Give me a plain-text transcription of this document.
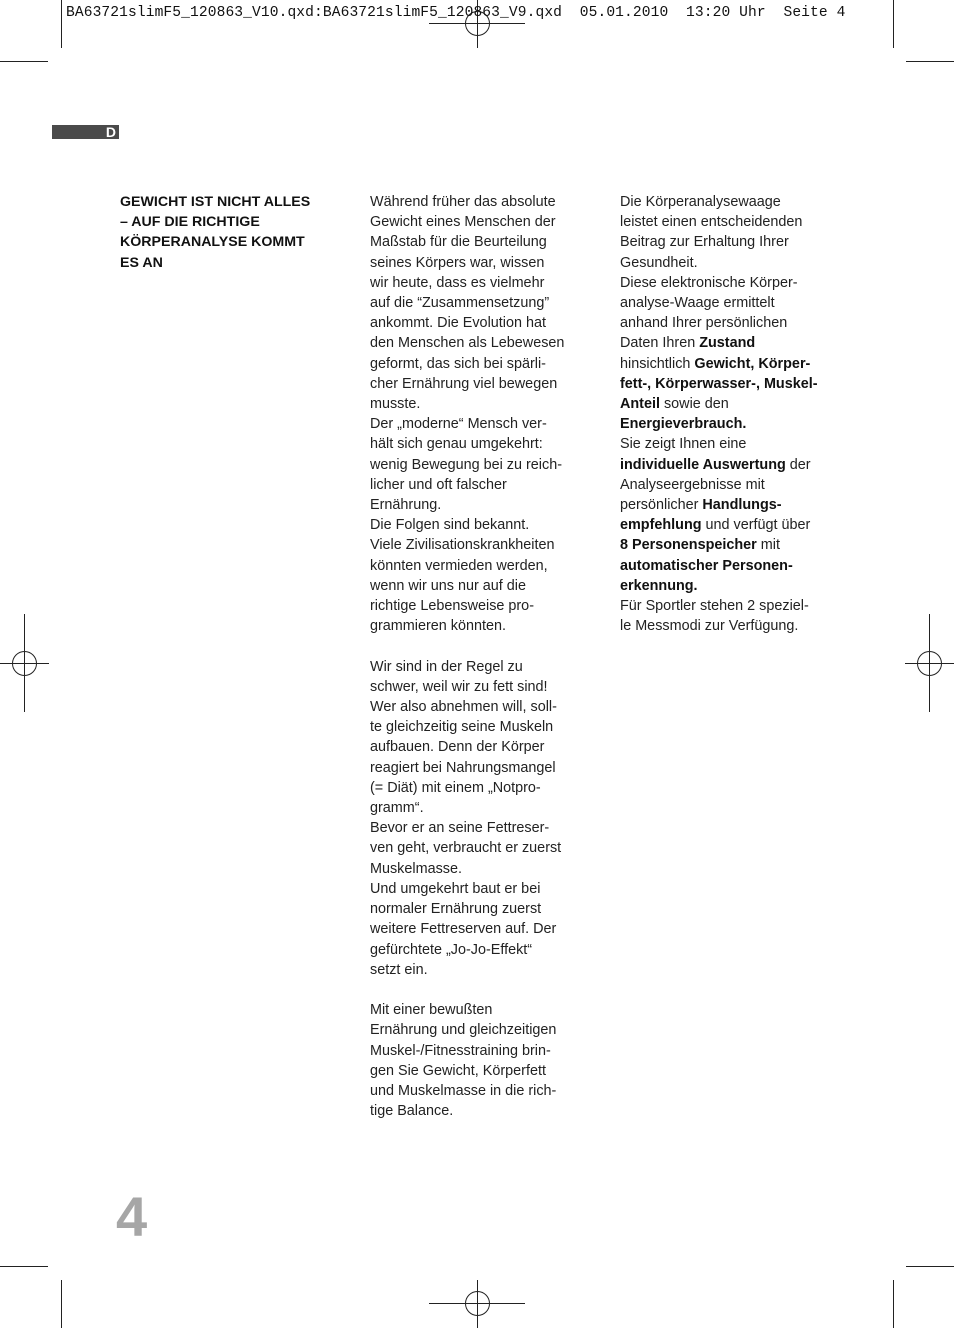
BA63721slimF5_120863_V10.qxd:BA63721slimF5_120863_V9.qxd  05.01.2010  13:20 Uhr  Seite 4
D
GEWICHT IST NICHT ALLES
– AUF DIE RICHTIGE
KÖRPERANALYSE KOMMT
ES AN
Während früher das absolute
Gewicht eines Menschen der
Maßstab für die Beurteilung
seines Körpers war, wissen
wir heute, dass es vielmehr
auf die “Zusammensetzung”
ankommt. Die Evolution hat
den Menschen als Lebewesen
geformt, das sich bei spärli-
cher Ernährung viel bewegen
musste.
Der „moderne“ Mensch ver-
hält sich genau umgekehrt:
wenig Bewegung bei zu reich-
licher und oft falscher
Ernährung.
Die Folgen sind bekannt.
Viele Zivilisationskrankheiten
könnten vermieden werden,
wenn wir uns nur auf die
richtige Lebensweise pro-
grammieren könnten.
Wir sind in der Regel zu
schwer, weil wir zu fett sind!
Wer also abnehmen will, soll-
te gleichzeitig seine Muskeln
aufbauen. Denn der Körper
reagiert bei Nahrungsmangel
(= Diät) mit einem „Notpro-
gramm“.
Bevor er an seine Fettreser-
ven geht, verbraucht er zuerst
Muskelmasse.
Und umgekehrt baut er bei
normaler Ernährung zuerst
weitere Fettreserven auf. Der
gefürchtete „Jo-Jo-Effekt“
setzt ein.
Mit einer bewußten
Ernährung und gleichzeitigen
Muskel-/Fitnesstraining brin-
gen Sie Gewicht, Körperfett
und Muskelmasse in die rich-
tige Balance.
Die Körperanalysewaage
leistet einen entscheidenden
Beitrag zur Erhaltung Ihrer
Gesundheit.
Diese elektronische Körper-
analyse-Waage ermittelt
anhand Ihrer persönlichen
Daten Ihren Zustand
hinsichtlich Gewicht, Körper-
fett-, Körperwasser-, Muskel-
Anteil sowie den
Energieverbrauch.
Sie zeigt Ihnen eine
individuelle Auswertung der
Analyseergebnisse mit
persönlicher Handlungs-
empfehlung und verfügt über
8 Personenspeicher mit
automatischer Personen-
erkennung.
Für Sportler stehen 2 speziel-
le Messmodi zur Verfügung.
4
